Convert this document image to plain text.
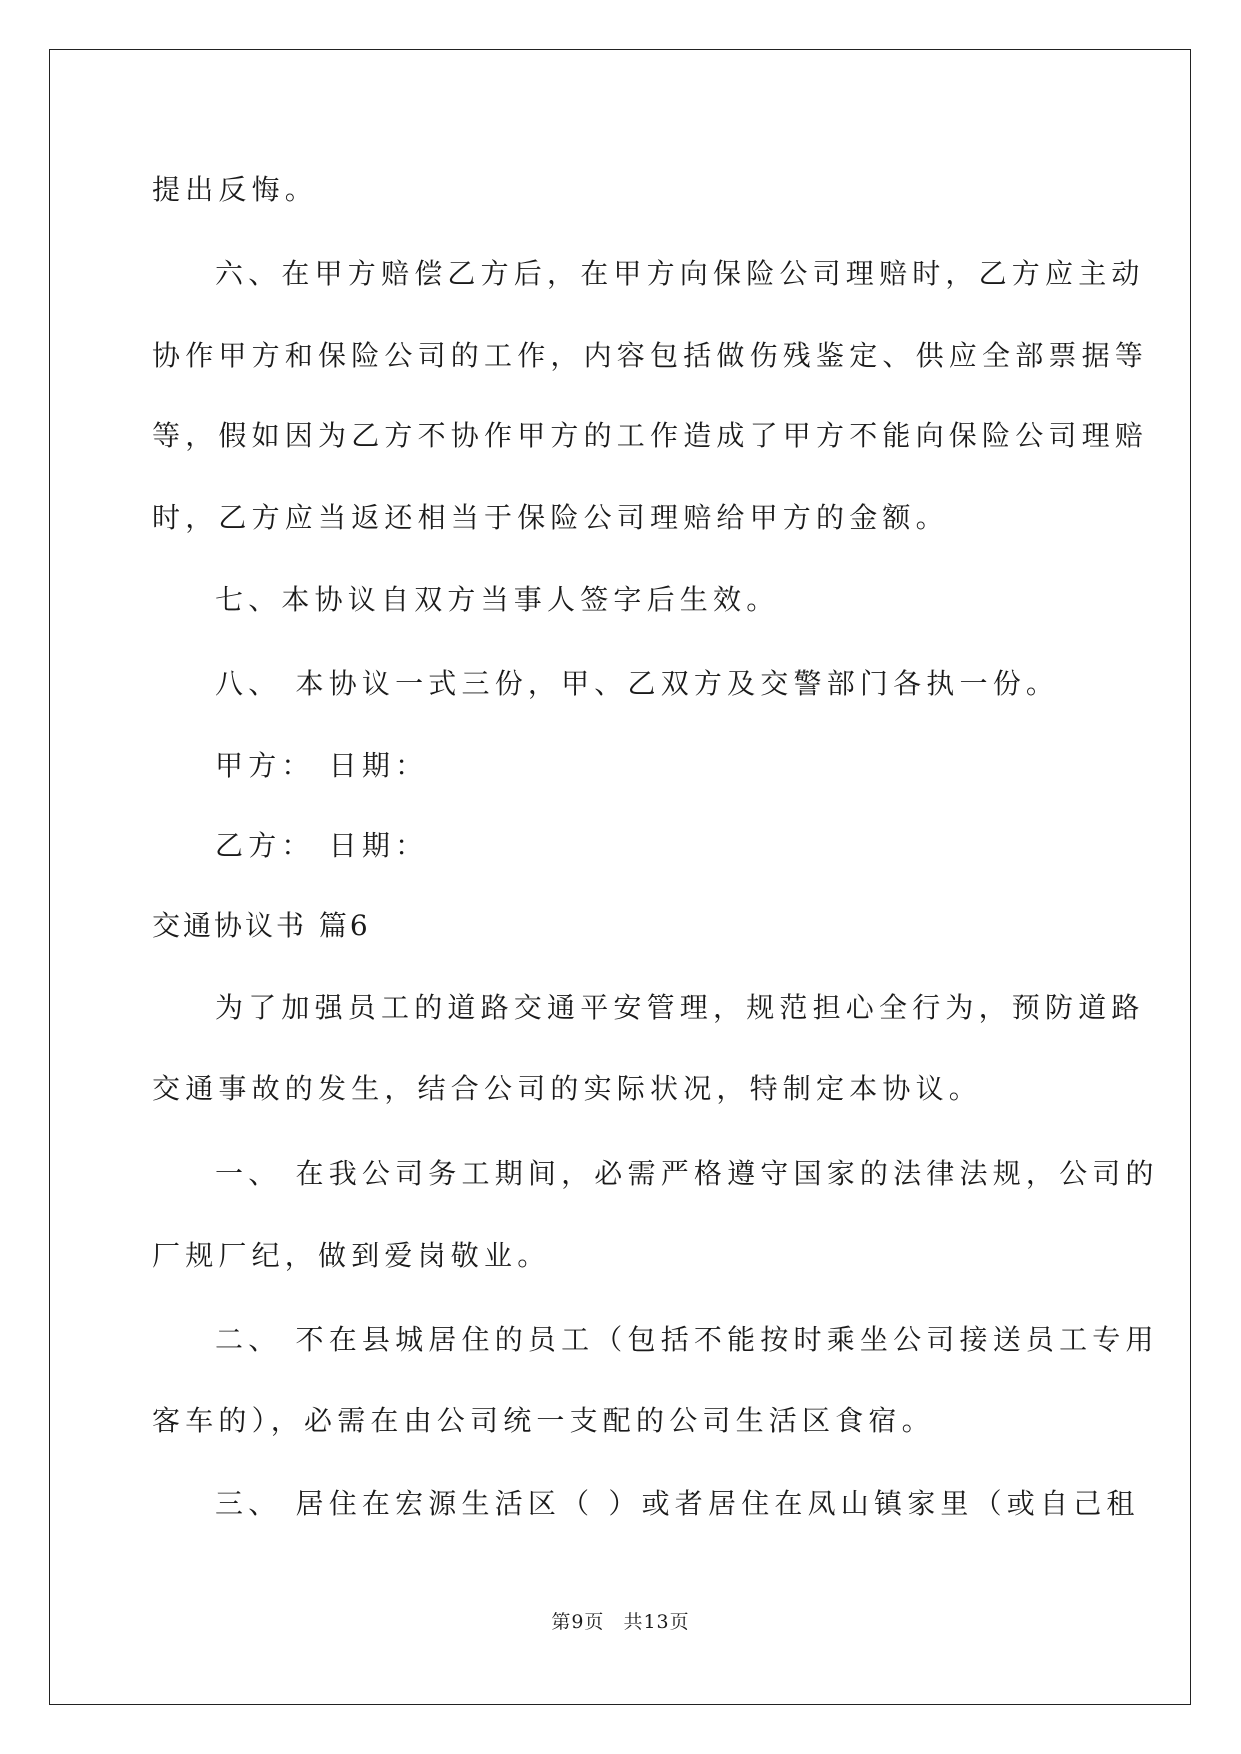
提出反悔。
六、在甲方赔偿乙方后，在甲方向保险公司理赔时，乙方应主动
协作甲方和保险公司的工作，内容包括做伤残鉴定、供应全部票据等
等，假如因为乙方不协作甲方的工作造成了甲方不能向保险公司理赔
时，乙方应当返还相当于保险公司理赔给甲方的金额。
七、本协议自双方当事人签字后生效。
八、 本协议一式三份，甲、乙双方及交警部门各执一份。
甲方： 日期：
乙方： 日期：
交通协议书 篇6
为了加强员工的道路交通平安管理，规范担心全行为，预防道路
交通事故的发生，结合公司的实际状况，特制定本协议。
一、 在我公司务工期间，必需严格遵守国家的法律法规，公司的
厂规厂纪，做到爱岗敬业。
二、 不在县城居住的员工（包括不能按时乘坐公司接送员工专用
客车的），必需在由公司统一支配的公司生活区食宿。
三、 居住在宏源生活区（ ）或者居住在凤山镇家里（或自己租
第9页 共13页
